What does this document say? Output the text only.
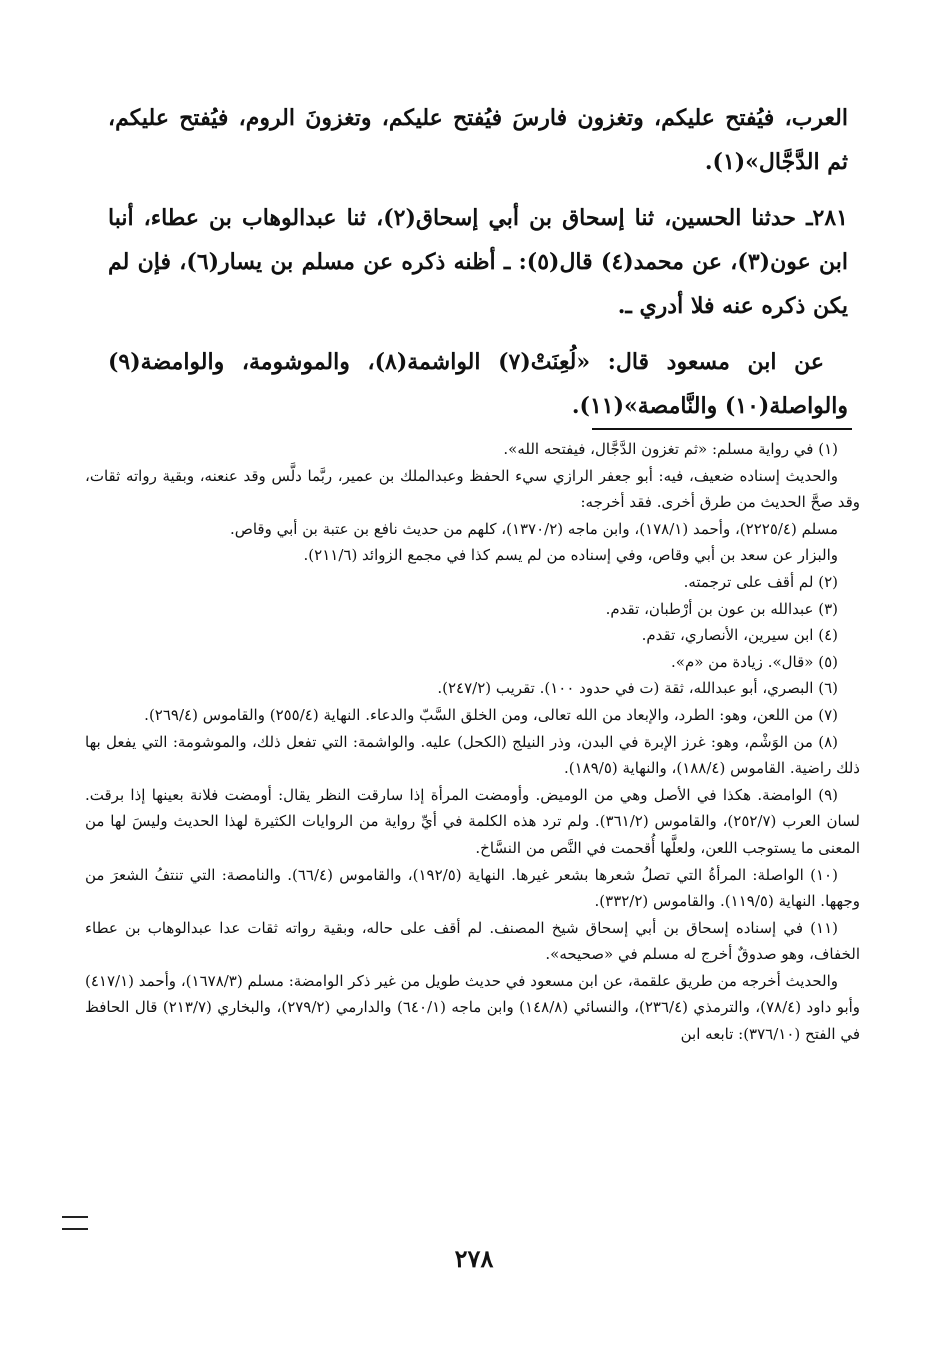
العرب، فيُفتح عليكم، وتغزون فارسَ فيُفتح عليكم، وتغزونَ الروم، فيُفتح عليكم، ثم الدَّجَّال»(١).

٢٨١ـ حدثنا الحسين، ثنا إسحاق بن أبي إسحاق(٢)، ثنا عبدالوهاب بن عطاء، أنبا ابن عون(٣)، عن محمد(٤) قال(٥): ـ أظنه ذكره عن مسلم بن يسار(٦)، فإن لم يكن ذكره عنه فلا أدري ـ.

عن ابن مسعود قال: «لُعِنَتْ(٧) الواشمة(٨)، والموشومة، والوامضة(٩) والواصلة(١٠) والنَّامصة»(١١).

(١) في رواية مسلم: «ثم تغزون الدَّجَّال، فيفتحه الله».

والحديث إسناده ضعيف، فيه: أبو جعفر الرازي سيء الحفظ وعبدالملك بن عمير، ربَّما دلَّس وقد عنعنه، وبقية رواته ثقات، وقد صحَّ الحديث من طرق أخرى. فقد أخرجه:

مسلم (٢٢٢٥/٤)، وأحمد (١٧٨/١)، وابن ماجه (١٣٧٠/٢)، كلهم من حديث نافع بن عتبة بن أبي وقاص.

والبزار عن سعد بن أبي وقاص، وفي إسناده من لم يسم كذا في مجمع الزوائد (٢١١/٦).

(٢) لم أقف على ترجمته.

(٣) عبدالله بن عون بن أرْطبان، تقدم.

(٤) ابن سيرين، الأنصاري، تقدم.

(٥) «قال». زيادة من «م».

(٦) البصري، أبو عبدالله، ثقة (ت في حدود ١٠٠). تقريب (٢٤٧/٢).

(٧) من اللعن، وهو: الطرد، والإبعاد من الله تعالى، ومن الخلق السَّبّ والدعاء. النهاية (٢٥٥/٤) والقاموس (٢٦٩/٤).

(٨) من الوَشْم، وهو: غرز الإبرة في البدن، وذر النيلج (الكحل) عليه. والواشمة: التي تفعل ذلك، والموشومة: التي يفعل بها ذلك راضية. القاموس (١٨٨/٤)، والنهاية (١٨٩/٥).

(٩) الوامضة. هكذا في الأصل وهي من الوميض. وأومضت المرأة إذا سارقت النظر يقال: أومضت فلانة بعينها إذا برقت. لسان العرب (٢٥٢/٧)، والقاموس (٣٦١/٢). ولم ترد هذه الكلمة في أيِّ رواية من الروايات الكثيرة لهذا الحديث وليسَ لها من المعنى ما يستوجب اللعن، ولعلَّها أُقحمت في النَّص من النسَّاخ.

(١٠) الواصلة: المرأةُ التي تصلُ شعرها بشعر غيرها. النهاية (١٩٢/٥)، والقاموس (٦٦/٤). والنامصة: التي تنتفُ الشعرَ من وجهها. النهاية (١١٩/٥). والقاموس (٣٣٢/٢).

(١١) في إسناده إسحاق بن أبي إسحاق شيخ المصنف. لم أقف على حاله، وبقية رواته ثقات عدا عبدالوهاب بن عطاء الخفاف، وهو صدوقٌ أخرج له مسلم في «صحيحه».

والحديث أخرجه من طريق علقمة، عن ابن مسعود في حديث طويل من غير ذكر الوامضة: مسلم (١٦٧٨/٣)، وأحمد (٤١٧/١) وأبو داود (٧٨/٤)، والترمذي (٢٣٦/٤)، والنسائي (١٤٨/٨) وابن ماجه (٦٤٠/١) والدارمي (٢٧٩/٢)، والبخاري (٢١٣/٧) قال الحافظ في الفتح (٣٧٦/١٠): تابعه ابن

٢٧٨
